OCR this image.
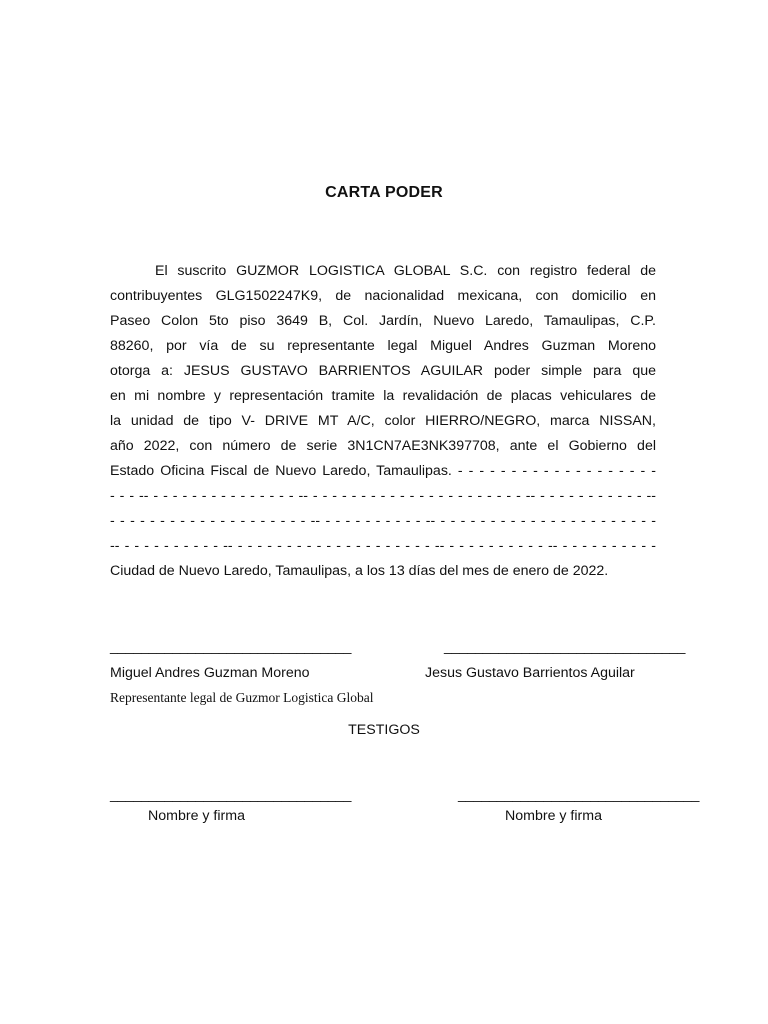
CARTA PODER
El suscrito GUZMOR LOGISTICA GLOBAL S.C. con registro federal de
contribuyentes GLG1502247K9, de nacionalidad mexicana, con domicilio en
Paseo Colon 5to piso 3649 B, Col. Jardín, Nuevo Laredo, Tamaulipas, C.P.
88260, por vía de su representante legal Miguel Andres Guzman Moreno
otorga a: JESUS GUSTAVO BARRIENTOS AGUILAR poder simple para que
en mi nombre y representación tramite la revalidación de placas vehiculares de
la unidad de tipo V- DRIVE MT A/C, color HIERRO/NEGRO, marca NISSAN,
año 2022, con número de serie 3N1CN7AE3NK397708, ante el Gobierno del
Estado Oficina Fiscal de Nuevo Laredo, Tamaulipas. - - - - - - - - - - - - - - - - - - -
- - - -- - - - - - - - - - - - - - - - -- - - - - - - - - - - - - - - - - - - - - - - -- - - - - - - - - - - - --
- - - - - - - - - - - - - - - - - - - - -- - - - - - - - - - - -- - - - - - - - - - - - - - - - - - - - - - -
-- - - - - - - - - - - -- - - - - - - - - - - - - - - - - - - - - -- - - - - - - - - - - -- - - - - - - - - - -
Ciudad de Nuevo Laredo, Tamaulipas, a los 13 días del mes de enero de 2022.
_______________________________	_______________________________
Miguel Andres Guzman Moreno	Jesus Gustavo Barrientos Aguilar
Representante legal de Guzmor Logistica Global
TESTIGOS
_______________________________	_______________________________
Nombre y firma	Nombre y firma
